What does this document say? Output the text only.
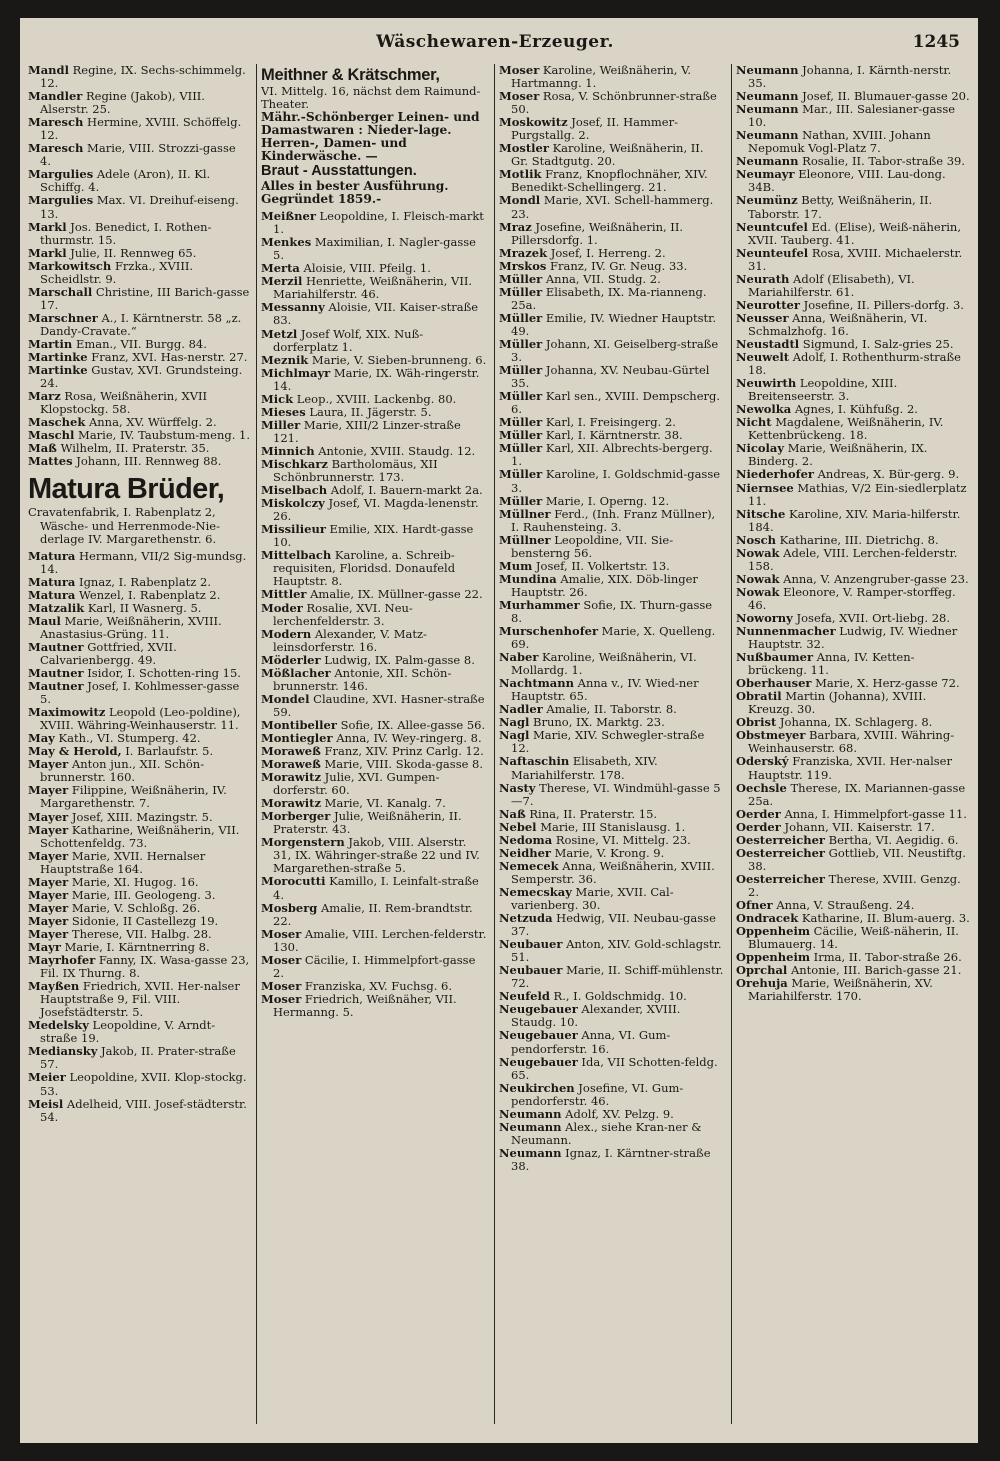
Wäschewaren-Erzeuger.	1245

Mandl Regine, IX. Sechs-schimmelg. 12.

Mandler Regine (Jakob), VIII. Alserstr. 25.

Maresch Hermine, XVIII. Schöffelg. 12.

Maresch Marie, VIII. Strozzi-gasse 4.

Margulies Adele (Aron), II. Kl. Schiffg. 4.

Margulies Max. VI. Dreihuf-eiseng. 13.

Markl Jos. Benedict, I. Rothen-thurmstr. 15.

Markl Julie, II. Rennweg 65.

Markowitsch Frzka., XVIII. Scheidlstr. 9.

Marschall Christine, III Barich-gasse 17.

Marschner A., I. Kärntnerstr. 58 „z. Dandy-Cravate.“

Martin Eman., VII. Burgg. 84.

Martinke Franz, XVI. Has-nerstr. 27.

Martinke Gustav, XVI. Grundsteing. 24.

Marz Rosa, Weißnäherin, XVII Klopstockg. 58.

Maschek Anna, XV. Würffelg. 2.

Maschl Marie, IV. Taubstum-meng. 1.

Maß Wilhelm, II. Praterstr. 35.

Mattes Johann, III. Rennweg 88.

Matura Brüder,

Cravatenfabrik, I. Rabenplatz 2, Wäsche- und Herrenmode-Nie-derlage IV. Margarethenstr. 6.

Matura Hermann, VII/2 Sig-mundsg. 14.

Matura Ignaz, I. Rabenplatz 2.

Matura Wenzel, I. Rabenplatz 2.

Matzalik Karl, II Wasnerg. 5.

Maul Marie, Weißnäherin, XVIII. Anastasius-Grüng. 11.

Mautner Gottfried, XVII. Calvarienbergg. 49.

Mautner Isidor, I. Schotten-ring 15.

Mautner Josef, I. Kohlmesser-gasse 5.

Maximowitz Leopold (Leo-poldine), XVIII. Währing-Weinhauserstr. 11.

May Kath., VI. Stumperg. 42.

May & Herold, I. Barlaufstr. 5.

Mayer Anton jun., XII. Schön-brunnerstr. 160.

Mayer Filippine, Weißnäherin, IV. Margarethenstr. 7.

Mayer Josef, XIII. Mazingstr. 5.

Mayer Katharine, Weißnäherin, VII. Schottenfeldg. 73.

Mayer Marie, XVII. Hernalser Hauptstraße 164.

Mayer Marie, XI. Hugog. 16.

Mayer Marie, III. Geologeng. 3.

Mayer Marie, V. Schloßg. 26.

Mayer Sidonie, II Castellezg 19.

Mayer Therese, VII. Halbg. 28.

Mayr Marie, I. Kärntnerring 8.

Mayrhofer Fanny, IX. Wasa-gasse 23, Fil. IX Thurng. 8.

Mayßen Friedrich, XVII. Her-nalser Hauptstraße 9, Fil. VIII. Josefstädterstr. 5.

Medelsky Leopoldine, V. Arndt-straße 19.

Mediansky Jakob, II. Prater-straße 57.

Meier Leopoldine, XVII. Klop-stockg. 53.

Meisl Adelheid, VIII. Josef-städterstr. 54.

Meithner & Krätschmer,
VI. Mittelg. 16, nächst dem Raimund-Theater.
Mähr.-Schönberger Leinen- und Damastwaren : Nieder-lage. Herren-, Damen- und Kinderwäsche. —
Braut - Ausstattungen.
Alles in bester Ausführung. Gegründet 1859.-

Meißner Leopoldine, I. Fleisch-markt 1.

Menkes Maximilian, I. Nagler-gasse 5.

Merta Aloisie, VIII. Pfeilg. 1.

Merzil Henriette, Weißnäherin, VII. Mariahilferstr. 46.

Messanny Aloisie, VII. Kaiser-straße 83.

Metzl Josef Wolf, XIX. Nuß-dorferplatz 1.

Meznik Marie, V. Sieben-brunneng. 6.

Michlmayr Marie, IX. Wäh-ringerstr. 14.

Mick Leop., XVIII. Lackenbg. 80.

Mieses Laura, II. Jägerstr. 5.

Miller Marie, XIII/2 Linzer-straße 121.

Minnich Antonie, XVIII. Staudg. 12.

Mischkarz Bartholomäus, XII Schönbrunnerstr. 173.

Miselbach Adolf, I. Bauern-markt 2a.

Miskolczy Josef, VI. Magda-lenenstr. 26.

Missilieur Emilie, XIX. Hardt-gasse 10.

Mittelbach Karoline, a. Schreib-requisiten, Floridsd. Donaufeld Hauptstr. 8.

Mittler Amalie, IX. Müllner-gasse 22.

Moder Rosalie, XVI. Neu-lerchenfelderstr. 3.

Modern Alexander, V. Matz-leinsdorferstr. 16.

Möderler Ludwig, IX. Palm-gasse 8.

Mößlacher Antonie, XII. Schön-brunnerstr. 146.

Mondel Claudine, XVI. Hasner-straße 59.

Montibeller Sofie, IX. Allee-gasse 56.

Montiegler Anna, IV. Wey-ringerg. 8.

Moraweß Franz, XIV. Prinz Carlg. 12.

Moraweß Marie, VIII. Skoda-gasse 8.

Morawitz Julie, XVI. Gumpen-dorferstr. 60.

Morawitz Marie, VI. Kanalg. 7.

Morberger Julie, Weißnäherin, II. Praterstr. 43.

Morgenstern Jakob, VIII. Alserstr. 31, IX. Währinger-straße 22 und IV. Margarethen-straße 5.

Morocutti Kamillo, I. Leinfalt-straße 4.

Mosberg Amalie, II. Rem-brandtstr. 22.

Moser Amalie, VIII. Lerchen-felderstr. 130.

Moser Cäcilie, I. Himmelpfort-gasse 2.

Moser Franziska, XV. Fuchsg. 6.

Moser Friedrich, Weißnäher, VII. Hermanng. 5.

Moser Karoline, Weißnäherin, V. Hartmanng. 1.

Moser Rosa, V. Schönbrunner-straße 50.

Moskowitz Josef, II. Hammer-Purgstallg. 2.

Mostler Karoline, Weißnäherin, II. Gr. Stadtgutg. 20.

Motlik Franz, Knopflochnäher, XIV. Benedikt-Schellingerg. 21.

Mondl Marie, XVI. Schell-hammerg. 23.

Mraz Josefine, Weißnäherin, II. Pillersdorfg. 1.

Mrazek Josef, I. Herreng. 2.

Mrskos Franz, IV. Gr. Neug. 33.

Müller Anna, VII. Studg. 2.

Müller Elisabeth, IX. Ma-rianneng. 25a.

Müller Emilie, IV. Wiedner Hauptstr. 49.

Müller Johann, XI. Geiselberg-straße 3.

Müller Johanna, XV. Neubau-Gürtel 35.

Müller Karl sen., XVIII. Dempscherg. 6.

Müller Karl, I. Freisingerg. 2.

Müller Karl, I. Kärntnerstr. 38.

Müller Karl, XII. Albrechts-bergerg. 1.

Müller Karoline, I. Goldschmid-gasse 3.

Müller Marie, I. Operng. 12.

Müllner Ferd., (Inh. Franz Müllner), I. Rauhensteing. 3.

Müllner Leopoldine, VII. Sie-bensterng 56.

Mum Josef, II. Volkertstr. 13.

Mundina Amalie, XIX. Döb-linger Hauptstr. 26.

Murhammer Sofie, IX. Thurn-gasse 8.

Murschenhofer Marie, X. Quelleng. 69.

Naber Karoline, Weißnäherin, VI. Mollardg. 1.

Nachtmann Anna v., IV. Wied-ner Hauptstr. 65.

Nadler Amalie, II. Taborstr. 8.

Nagl Bruno, IX. Marktg. 23.

Nagl Marie, XIV. Schwegler-straße 12.

Naftaschin Elisabeth, XIV. Mariahilferstr. 178.

Nasty Therese, VI. Windmühl-gasse 5—7.

Naß Rina, II. Praterstr. 15.

Nebel Marie, III Stanislausg. 1.

Nedoma Rosine, VI. Mittelg. 23.

Neidher Marie, V. Krong. 9.

Nemecek Anna, Weißnäherin, XVIII. Semperstr. 36.

Nemecskay Marie, XVII. Cal-varienberg. 30.

Netzuda Hedwig, VII. Neubau-gasse 37.

Neubauer Anton, XIV. Gold-schlagstr. 51.

Neubauer Marie, II. Schiff-mühlenstr. 72.

Neufeld R., I. Goldschmidg. 10.

Neugebauer Alexander, XVIII. Staudg. 10.

Neugebauer Anna, VI. Gum-pendorferstr. 16.

Neugebauer Ida, VII Schotten-feldg. 65.

Neukirchen Josefine, VI. Gum-pendorferstr. 46.

Neumann Adolf, XV. Pelzg. 9.

Neumann Alex., siehe Kran-ner & Neumann.

Neumann Ignaz, I. Kärntner-straße 38.

Neumann Johanna, I. Kärnth-nerstr. 35.

Neumann Josef, II. Blumauer-gasse 20.

Neumann Mar., III. Salesianer-gasse 10.

Neumann Nathan, XVIII. Johann Nepomuk Vogl-Platz 7.

Neumann Rosalie, II. Tabor-straße 39.

Neumayr Eleonore, VIII. Lau-dong. 34B.

Neumünz Betty, Weißnäherin, II. Taborstr. 17.

Neuntcufel Ed. (Elise), Weiß-näherin, XVII. Tauberg. 41.

Neunteufel Rosa, XVIII. Michaelerstr. 31.

Neurath Adolf (Elisabeth), VI. Mariahilferstr. 61.

Neurotter Josefine, II. Pillers-dorfg. 3.

Neusser Anna, Weißnäherin, VI. Schmalzhofg. 16.

Neustadtl Sigmund, I. Salz-gries 25.

Neuwelt Adolf, I. Rothenthurm-straße 18.

Neuwirth Leopoldine, XIII. Breitenseerstr. 3.

Newolka Agnes, I. Kühfußg. 2.

Nicht Magdalene, Weißnäherin, IV. Kettenbrückeng. 18.

Nicolay Marie, Weißnäherin, IX. Binderg. 2.

Niederhofer Andreas, X. Bür-gerg. 9.

Niernsee Mathias, V/2 Ein-siedlerplatz 11.

Nitsche Karoline, XIV. Maria-hilferstr. 184.

Nosch Katharine, III. Dietrichg. 8.

Nowak Adele, VIII. Lerchen-felderstr. 158.

Nowak Anna, V. Anzengruber-gasse 23.

Nowak Eleonore, V. Ramper-storffeg. 46.

Noworny Josefa, XVII. Ort-liebg. 28.

Nunnenmacher Ludwig, IV. Wiedner Hauptstr. 32.

Nußbaumer Anna, IV. Ketten-brückeng. 11.

Oberhauser Marie, X. Herz-gasse 72.

Obratil Martin (Johanna), XVIII. Kreuzg. 30.

Obrist Johanna, IX. Schlagerg. 8.

Obstmeyer Barbara, XVIII. Währing-Weinhauserstr. 68.

Oderský Franziska, XVII. Her-nalser Hauptstr. 119.

Oechsle Therese, IX. Mariannen-gasse 25a.

Oerder Anna, I. Himmelpfort-gasse 11.

Oerder Johann, VII. Kaiserstr. 17.

Oesterreicher Bertha, VI. Aegidig. 6.

Oesterreicher Gottlieb, VII. Neustiftg. 38.

Oesterreicher Therese, XVIII. Genzg. 2.

Ofner Anna, V. Straußeng. 24.

Ondracek Katharine, II. Blum-auerg. 3.

Oppenheim Cäcilie, Weiß-näherin, II. Blumauerg. 14.

Oppenheim Irma, II. Tabor-straße 26.

Oprchal Antonie, III. Barich-gasse 21.

Orehuja Marie, Weißnäherin, XV. Mariahilferstr. 170.
